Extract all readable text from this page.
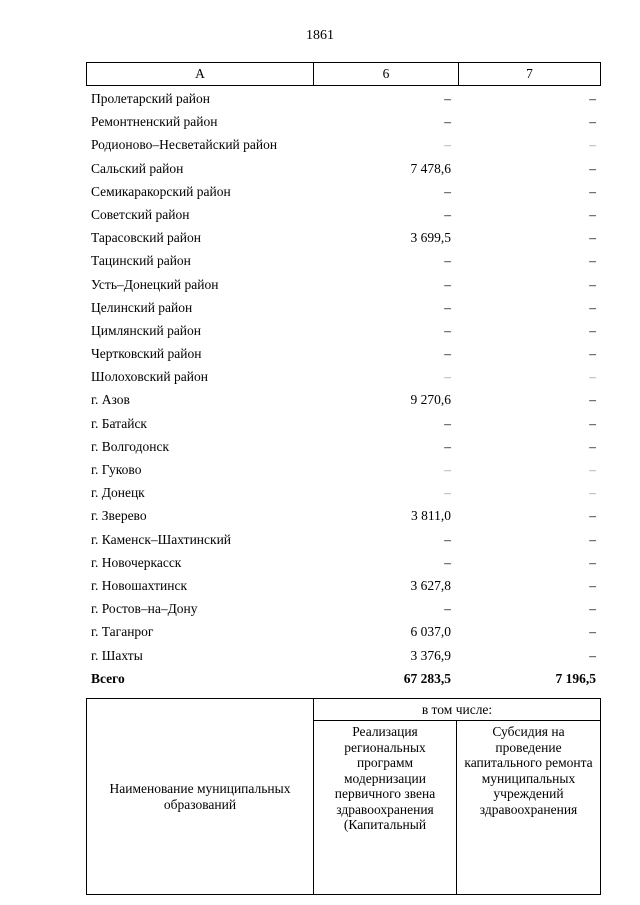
1861
А	6	7
Пролетарский район	–	–
Ремонтненский район	–	–
Родионово–Несветайский район	–	–
Сальский район	7 478,6	–
Семикаракорский район	–	–
Советский район	–	–
Тарасовский район	3 699,5	–
Тацинский район	–	–
Усть–Донецкий район	–	–
Целинский район	–	–
Цимлянский район	–	–
Чертковский район	–	–
Шолоховский район	–	–
г. Азов	9 270,6	–
г. Батайск	–	–
г. Волгодонск	–	–
г. Гуково	–	–
г. Донецк	–	–
г. Зверево	3 811,0	–
г. Каменск–Шахтинский	–	–
г. Новочеркасск	–	–
г. Новошахтинск	3 627,8	–
г. Ростов–на–Дону	–	–
г. Таганрог	6 037,0	–
г. Шахты	3 376,9	–
Всего	67 283,5	7 196,5
Наименование муниципальных образований	в том числе:	
	Реализация региональных программ модернизации первичного звена здравоохранения (Капитальный	Субсидия на проведение капитального ремонта муниципальных учреждений здравоохранения
